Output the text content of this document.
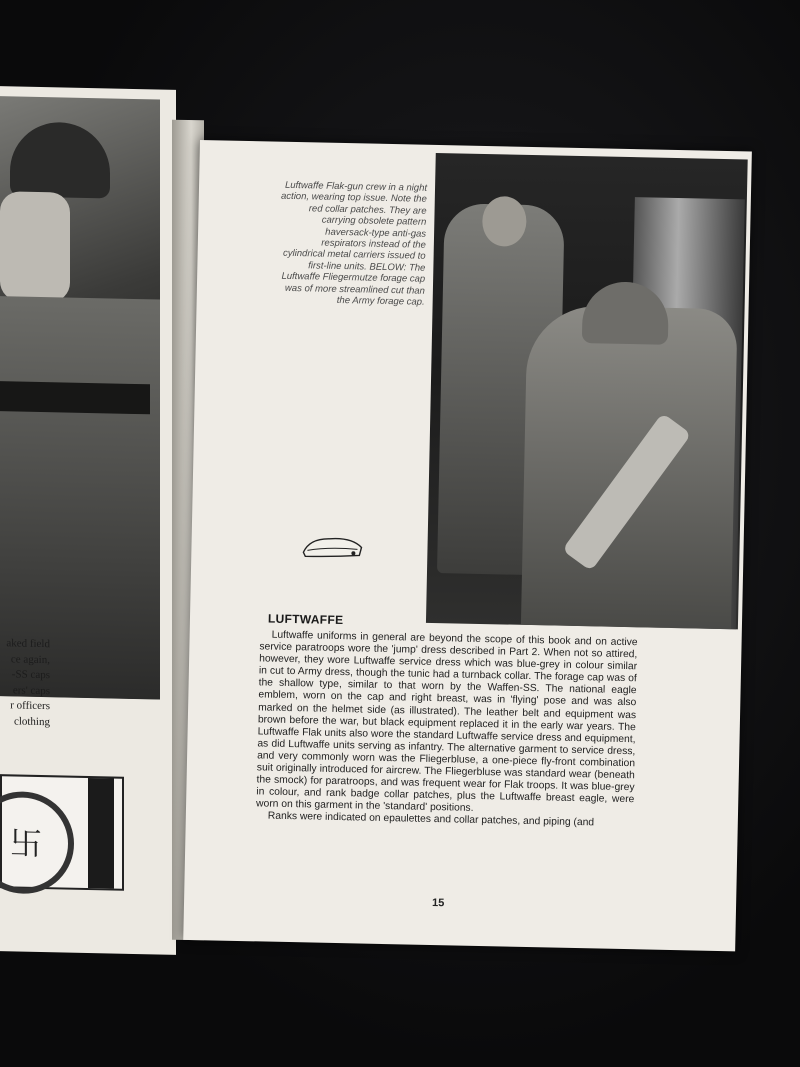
aked field
ce again,
-SS caps
ers' caps
r officers
clothing
卐
Luftwaffe Flak-gun crew in a night action, wearing top issue. Note the red collar patches. They are carrying obsolete pattern haversack-type anti-gas respirators instead of the cylindrical metal carriers issued to first-line units. BELOW: The Luftwaffe Fliegermutze forage cap was of more streamlined cut than the Army forage cap.
LUFTWAFFE

Luftwaffe uniforms in general are beyond the scope of this book and on active service paratroops wore the 'jump' dress described in Part 2. When not so attired, however, they wore Luftwaffe service dress which was blue-grey in colour similar in cut to Army dress, though the tunic had a turnback collar. The forage cap was of the shallow type, similar to that worn by the Waffen-SS. The national eagle emblem, worn on the cap and right breast, was in 'flying' pose and was also marked on the helmet side (as illustrated). The leather belt and equipment was brown before the war, but black equipment replaced it in the early war years. The Luftwaffe Flak units also wore the standard Luftwaffe service dress and equipment, as did Luftwaffe units serving as infantry. The alternative garment to service dress, and very commonly worn was the Fliegerbluse, a one-piece fly-front combination suit originally introduced for aircrew. The Fliegerbluse was standard wear (beneath the smock) for paratroops, and was frequent wear for Flak troops. It was blue-grey in colour, and rank badge collar patches, plus the Luftwaffe breast eagle, were worn on this garment in the 'standard' positions.

Ranks were indicated on epaulettes and collar patches, and piping (and

15
